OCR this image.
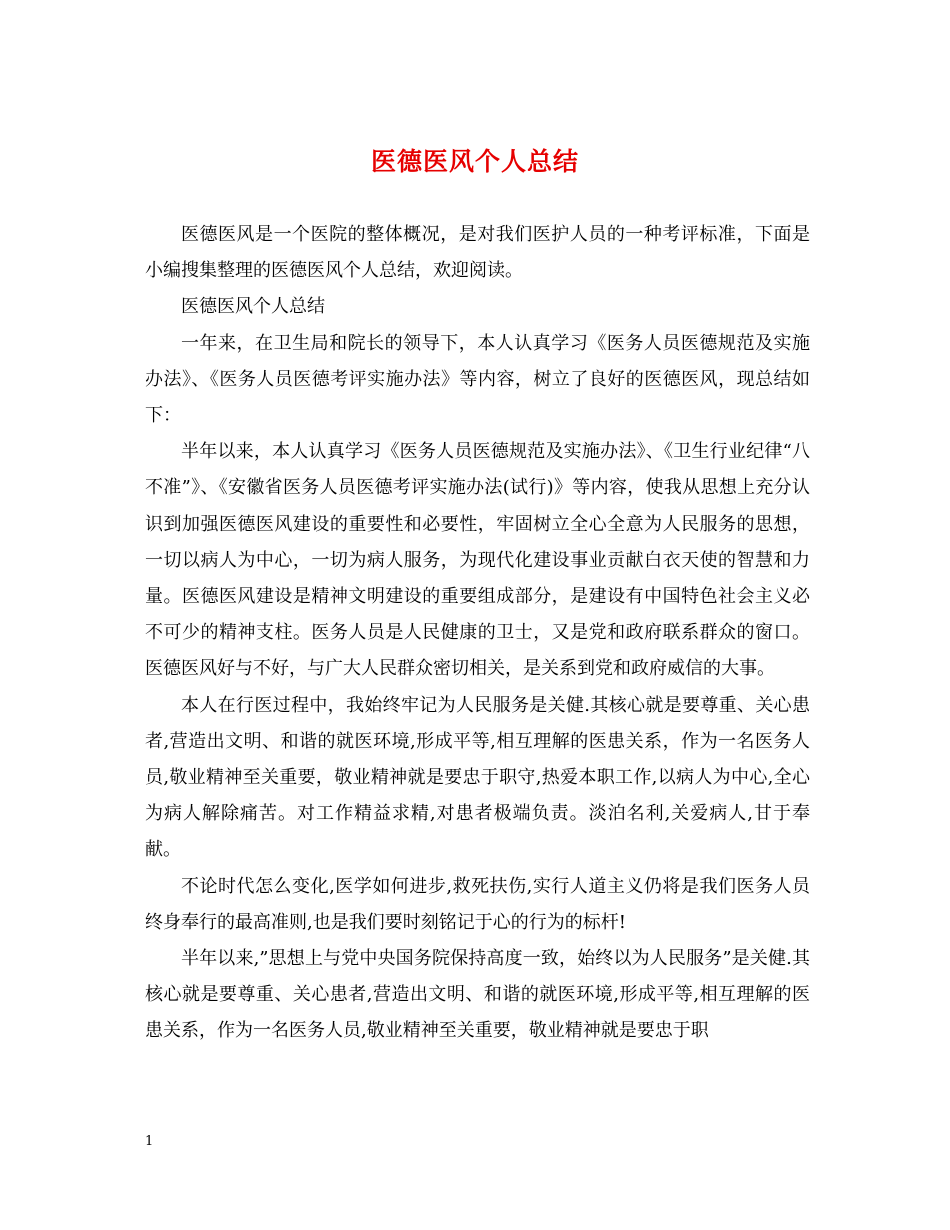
医德医风个人总结

医德医风是一个医院的整体概况，是对我们医护人员的一种考评标准，下面是小编搜集整理的医德医风个人总结，欢迎阅读。

医德医风个人总结

一年来，在卫生局和院长的领导下，本人认真学习《医务人员医德规范及实施办法》、《医务人员医德考评实施办法》等内容，树立了良好的医德医风，现总结如下：

半年以来，本人认真学习《医务人员医德规范及实施办法》、《卫生行业纪律“八不准”》、《安徽省医务人员医德考评实施办法(试行)》等内容，使我从思想上充分认识到加强医德医风建设的重要性和必要性，牢固树立全心全意为人民服务的思想，一切以病人为中心，一切为病人服务，为现代化建设事业贡献白衣天使的智慧和力量。医德医风建设是精神文明建设的重要组成部分，是建设有中国特色社会主义必不可少的精神支柱。医务人员是人民健康的卫士，又是党和政府联系群众的窗口。医德医风好与不好，与广大人民群众密切相关，是关系到党和政府威信的大事。

本人在行医过程中，我始终牢记为人民服务是关健.其核心就是要尊重、关心患者,营造出文明、和谐的就医环境,形成平等,相互理解的医患关系，作为一名医务人员,敬业精神至关重要，敬业精神就是要忠于职守,热爱本职工作,以病人为中心,全心为病人解除痛苦。对工作精益求精,对患者极端负责。淡泊名利,关爱病人,甘于奉献。

不论时代怎么变化,医学如何进步,救死扶伤,实行人道主义仍将是我们医务人员终身奉行的最高准则,也是我们要时刻铭记于心的行为的标杆!

半年以来,”思想上与党中央国务院保持高度一致，始终以为人民服务”是关健.其核心就是要尊重、关心患者,营造出文明、和谐的就医环境,形成平等,相互理解的医患关系，作为一名医务人员,敬业精神至关重要，敬业精神就是要忠于职

1
